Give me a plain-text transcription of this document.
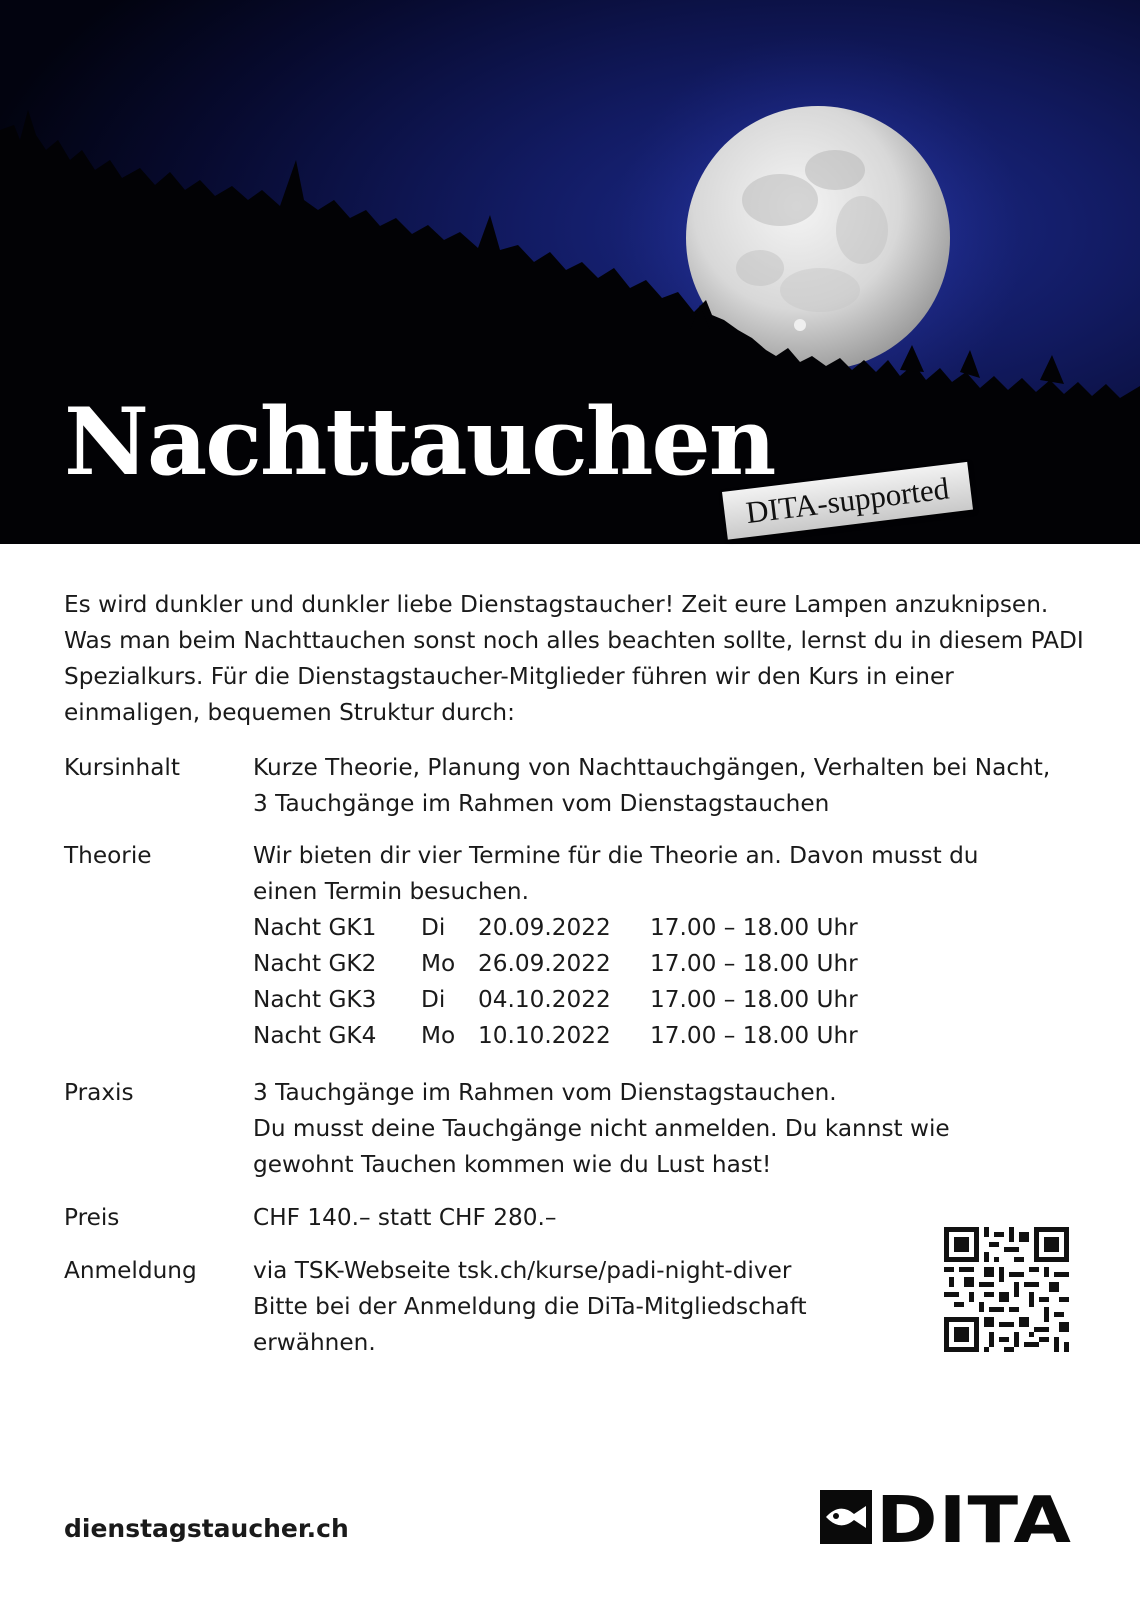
Nachttauchen
DITA-supported

Es wird dunkler und dunkler liebe Dienstagstaucher! Zeit eure Lampen anzuknipsen. Was man beim Nachttauchen sonst noch alles beachten sollte, lernst du in diesem PADI Spezialkurs. Für die Dienstagstaucher-Mitglieder führen wir den Kurs in einer einmaligen, bequemen Struktur durch:

Kursinhalt	Kurze Theorie, Planung von Nachttauchgängen, Verhalten bei Nacht, 3 Tauchgänge im Rahmen vom Dienstagstauchen
Theorie	Wir bieten dir vier Termine für die Theorie an. Davon musst du einen Termin besuchen.
Nacht GK1 Di 20.09.2022 17.00 – 18.00 Uhr
Nacht GK2 Mo 26.09.2022 17.00 – 18.00 Uhr
Nacht GK3 Di 04.10.2022 17.00 – 18.00 Uhr
Nacht GK4 Mo 10.10.2022 17.00 – 18.00 Uhr
Praxis	3 Tauchgänge im Rahmen vom Dienstagstauchen.
Du musst deine Tauchgänge nicht anmelden. Du kannst wie gewohnt Tauchen kommen wie du Lust hast!
Preis	CHF 140.– statt CHF 280.–
Anmeldung via TSK-Webseite tsk.ch/kurse/padi-night-diver
Bitte bei der Anmeldung die DiTa-Mitgliedschaft erwähnen.
dienstagstaucher.ch	DITA
